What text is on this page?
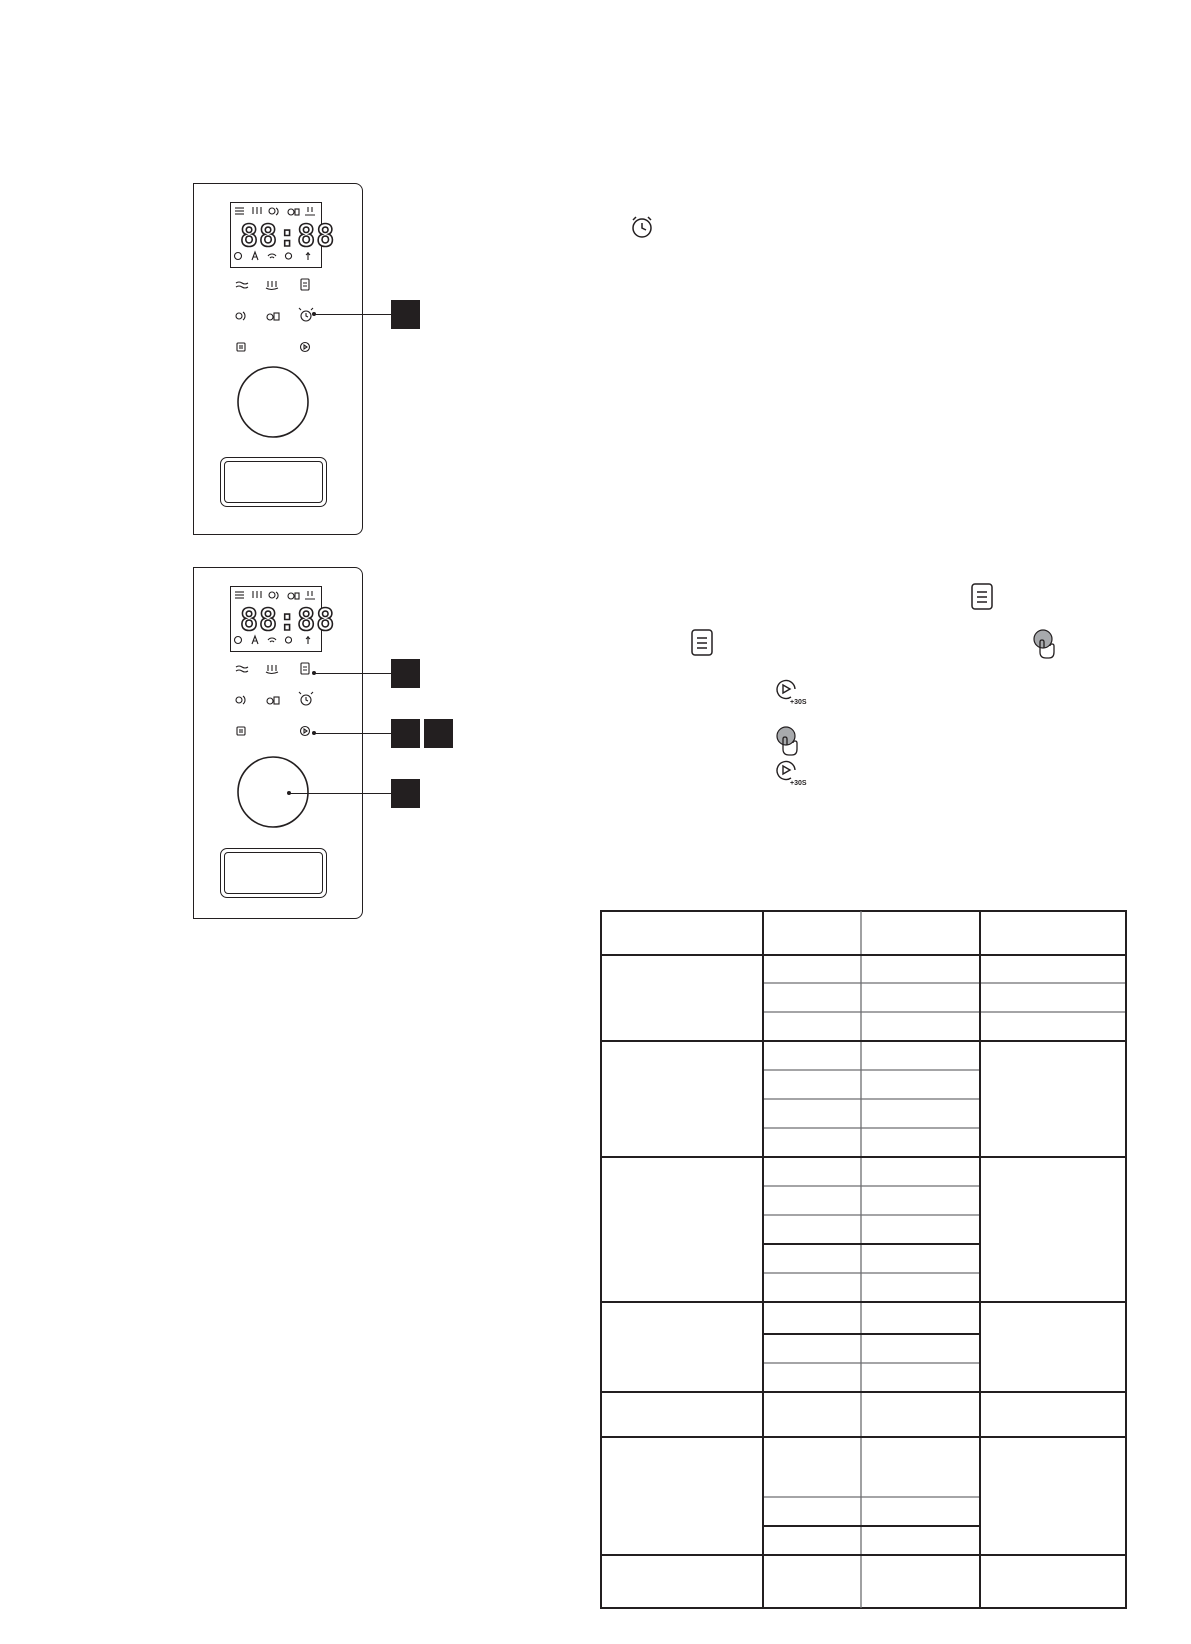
88:88
88:88
+30S
+30S
